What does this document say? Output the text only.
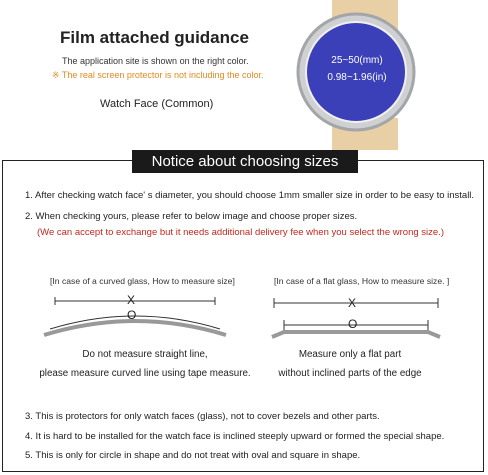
Film attached guidance
The application site is shown on the right color.
※ The real screen protector is not including the color.
Watch Face (Common)
25~50(mm)
0.98~1.96(in)
Notice about choosing sizes
1. After checking watch face' s diameter, you should choose 1mm smaller size in order to be easy to install.
2. When checking yours, please refer to below image and choose proper sizes.
(We can accept to exchange but it needs additional delivery fee when you select the wrong size.)
[In case of a curved glass, How to measure size]
X
O
Do not measure straight line,
please measure curved line using tape measure.
[In case of a flat glass, How to measure size. ]
X
O
Measure only a flat part
without inclined parts of the edge
3. This is protectors for only watch faces (glass), not to cover bezels and other parts.
4. It is hard to be installed for the watch face is inclined steeply upward or formed the special shape.
5. This is only for circle in shape and do not treat with oval and square in shape.
